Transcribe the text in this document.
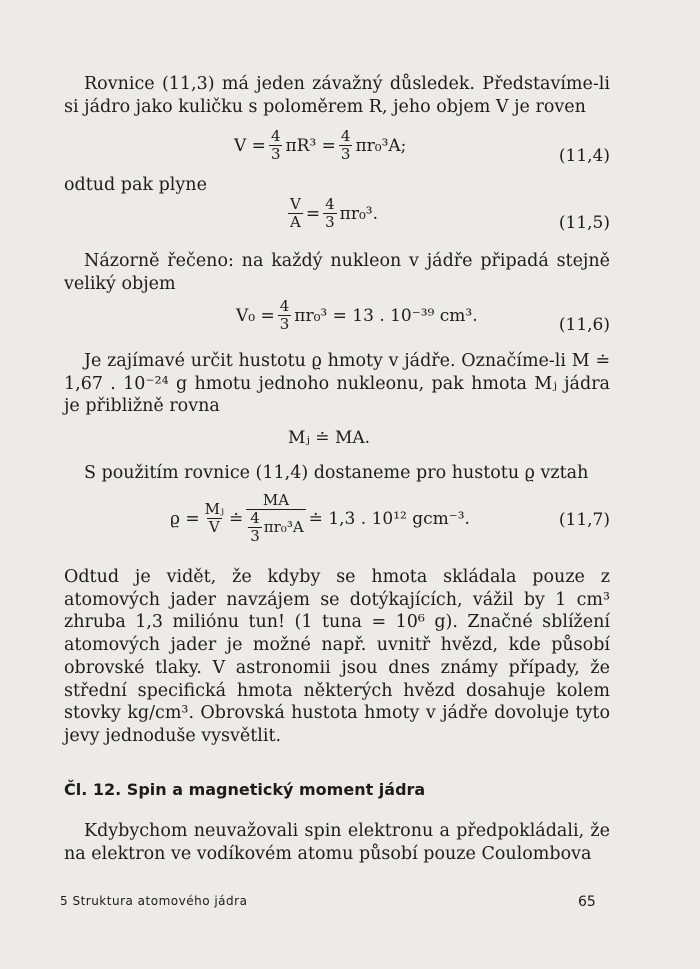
Rovnice (11,3) má jeden závažný důsledek. Představíme-li si jádro jako kuličku s poloměrem R, jeho objem V je roven

$V = \frac{4}{3} \pi R^3 = \frac{4}{3} \pi r_0^3A$;
(11,4)

odtud pak plyne

$\frac{V}{A} = \frac{4}{3} \pi r_0^3$.	(11,5)

Názorně řečeno: na každý nukleon v jádře připadá stejně veliký objem

$V_0 = \frac{4}{3} \pi r_0^3 = 13$ . 10⁻³⁹ cm³.	(11,6)

Je zajímavé určit hustotu ϱ hmoty v jádře. Označíme-li M ≐ 1,67 . 10⁻²⁴ g hmotu jednoho nukleonu, pak hmota Mⱼ jádra je přibližně rovna

Mⱼ ≐ MA.

S použitím rovnice (11,4) dostaneme pro hustotu ϱ vztah

$ϱ = \frac{\text{Mⱼ}}{V}$ ≐ $\frac{MA}{\frac{4}{3} \pi r_0^3A}$ ≐ 1,3 . 10¹² gcm⁻³.	(11,7)

Odtud je vidět, že kdyby se hmota skládala pouze z atomových jader navzájem se dotýkajících, vážil by 1 cm³ zhruba 1,3 miliónu tun! (1 tuna = 10⁶ g). Značné sblížení atomových jader je možné např. uvnitř hvězd, kde působí obrovské tlaky. V astronomii jsou dnes známy případy, že střední specifická hmota některých hvězd dosahuje kolem stovky kg/cm³. Obrovská hustota hmoty v jádře dovoluje tyto jevy jednoduše vysvětlit.

Čl. 12. Spin a magnetický moment jádra

Kdybychom neuvažovali spin elektronu a předpokládali, že na elektron ve vodíkovém atomu působí pouze Coulombova

5 Struktura atomového jádra	65
